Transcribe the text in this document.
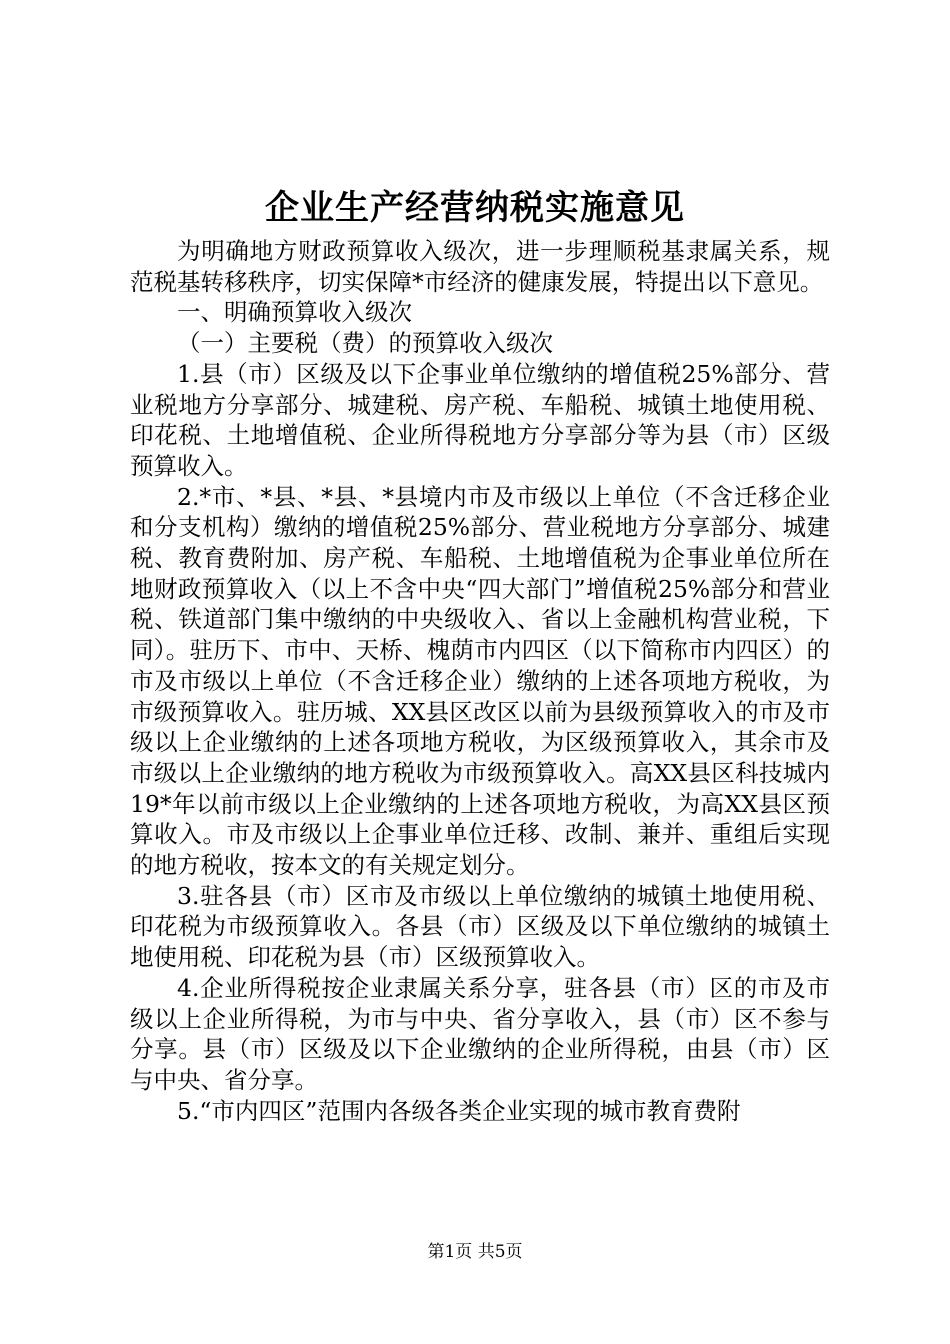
企业生产经营纳税实施意见

为明确地方财政预算收入级次，进一步理顺税基隶属关系，规范税基转移秩序，切实保障*市经济的健康发展，特提出以下意见。

一、明确预算收入级次

（一）主要税（费）的预算收入级次

1.县（市）区级及以下企事业单位缴纳的增值税25%部分、营业税地方分享部分、城建税、房产税、车船税、城镇土地使用税、印花税、土地增值税、企业所得税地方分享部分等为县（市）区级预算收入。

2.*市、*县、*县、*县境内市及市级以上单位（不含迁移企业和分支机构）缴纳的增值税25%部分、营业税地方分享部分、城建税、教育费附加、房产税、车船税、土地增值税为企事业单位所在地财政预算收入（以上不含中央“四大部门”增值税25%部分和营业税、铁道部门集中缴纳的中央级收入、省以上金融机构营业税，下同）。驻历下、市中、天桥、槐荫市内四区（以下简称市内四区）的市及市级以上单位（不含迁移企业）缴纳的上述各项地方税收，为市级预算收入。驻历城、XX县区改区以前为县级预算收入的市及市级以上企业缴纳的上述各项地方税收，为区级预算收入，其余市及市级以上企业缴纳的地方税收为市级预算收入。高XX县区科技城内19*年以前市级以上企业缴纳的上述各项地方税收，为高XX县区预算收入。市及市级以上企事业单位迁移、改制、兼并、重组后实现的地方税收，按本文的有关规定划分。

3.驻各县（市）区市及市级以上单位缴纳的城镇土地使用税、印花税为市级预算收入。各县（市）区级及以下单位缴纳的城镇土地使用税、印花税为县（市）区级预算收入。

4.企业所得税按企业隶属关系分享，驻各县（市）区的市及市级以上企业所得税，为市与中央、省分享收入，县（市）区不参与分享。县（市）区级及以下企业缴纳的企业所得税，由县（市）区与中央、省分享。

5.“市内四区”范围内各级各类企业实现的城市教育费附

第1页 共5页
